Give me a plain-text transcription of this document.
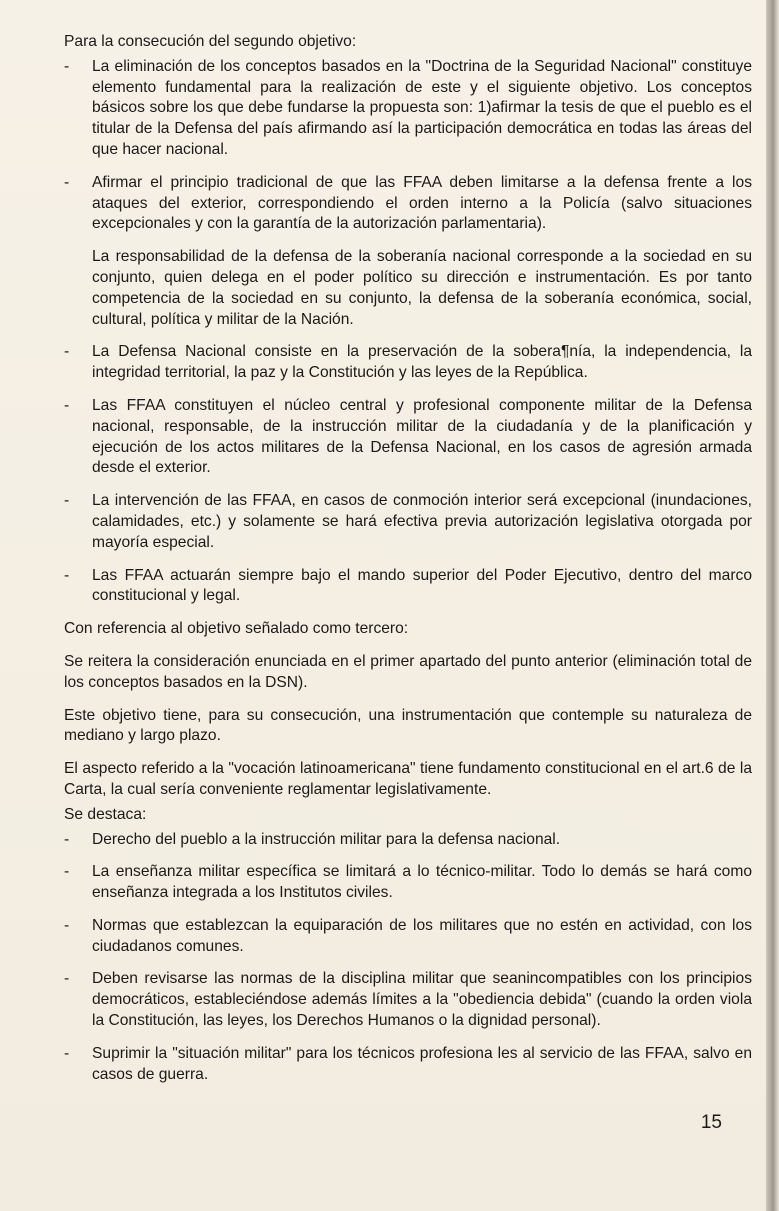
Para la consecución del segundo objetivo:

-	La eliminación de los conceptos basados en la "Doctrina de la Seguridad Nacional" constituye elemento fundamental para la realización de este y el siguiente objetivo. Los conceptos básicos sobre los que debe fundarse la propuesta son: 1)afirmar la tesis de que el pueblo es el titular de la Defensa del país afirmando así la participación democrática en todas las áreas del que hacer nacional.
-	Afirmar el principio tradicional de que las FFAA deben limitarse a la defensa frente a los ataques del exterior, correspondiendo el orden interno a la Policía (salvo situaciones excepcionales y con la garantía de la autorización parlamentaria).
La responsabilidad de la defensa de la soberanía nacional corresponde a la sociedad en su conjunto, quien delega en el poder político su dirección e instrumentación. Es por tanto competencia de la sociedad en su conjunto, la defensa de la soberanía económica, social, cultural, política y militar de la Nación.
-	La Defensa Nacional consiste en la preservación de la sobera¶nía, la independencia, la integridad territorial, la paz y la Constitución y las leyes de la República.
-	Las FFAA constituyen el núcleo central y profesional componente militar de la Defensa nacional, responsable, de la instrucción militar de la ciudadanía y de la planificación y ejecución de los actos militares de la Defensa Nacional, en los casos de agresión armada desde el exterior.
-	La intervención de las FFAA, en casos de conmoción interior será excepcional (inundaciones, calamidades, etc.) y solamente se hará efectiva previa autorización legislativa otorgada por mayoría especial.
-	Las FFAA actuarán siempre bajo el mando superior del Poder Ejecutivo, dentro del marco constitucional y legal.

Con referencia al objetivo señalado como tercero:

Se reitera la consideración enunciada en el primer apartado del punto anterior (eliminación total de los conceptos basados en la DSN).

Este objetivo tiene, para su consecución, una instrumentación que contemple su naturaleza de mediano y largo plazo.

El aspecto referido a la "vocación latinoamericana" tiene fundamento constitucional en el art.6 de la Carta, la cual sería conveniente reglamentar legislativamente.

Se destaca:

-	Derecho del pueblo a la instrucción militar para la defensa nacional.
-	La enseñanza militar específica se limitará a lo técnico-militar. Todo lo demás se hará como enseñanza integrada a los Institutos civiles.
-	Normas que establezcan la equiparación de los militares que no estén en actividad, con los ciudadanos comunes.
-	Deben revisarse las normas de la disciplina militar que seanincompatibles con los principios democráticos, estableciéndose además límites a la "obediencia debida" (cuando la orden viola la Constitución, las leyes, los Derechos Humanos o la dignidad personal).
-	Suprimir la "situación militar" para los técnicos profesiona les al servicio de las FFAA, salvo en casos de guerra.
15
